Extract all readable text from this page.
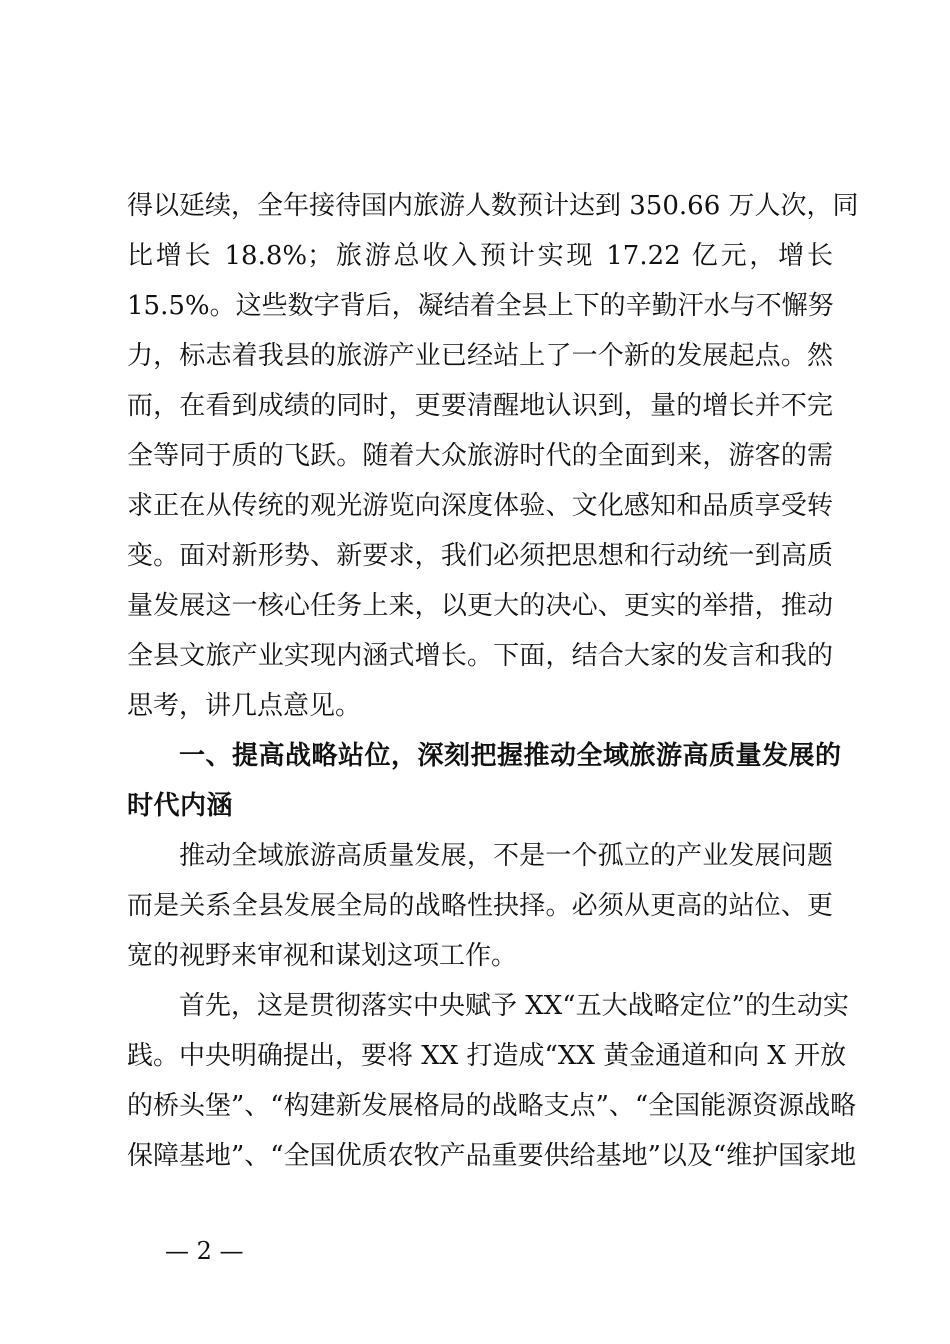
得以延续，全年接待国内旅游人数预计达到 350.66 万人次，同
比增长 18.8%；旅游总收入预计实现 17.22 亿元，增长
15.5%。这些数字背后，凝结着全县上下的辛勤汗水与不懈努
力，标志着我县的旅游产业已经站上了一个新的发展起点。然
而，在看到成绩的同时，更要清醒地认识到，量的增长并不完
全等同于质的飞跃。随着大众旅游时代的全面到来，游客的需
求正在从传统的观光游览向深度体验、文化感知和品质享受转
变。面对新形势、新要求，我们必须把思想和行动统一到高质
量发展这一核心任务上来，以更大的决心、更实的举措，推动
全县文旅产业实现内涵式增长。下面，结合大家的发言和我的
思考，讲几点意见。
一、提高战略站位，深刻把握推动全域旅游高质量发展的
时代内涵
推动全域旅游高质量发展，不是一个孤立的产业发展问题
而是关系全县发展全局的战略性抉择。必须从更高的站位、更
宽的视野来审视和谋划这项工作。
首先，这是贯彻落实中央赋予 XX“五大战略定位”的生动实
践。中央明确提出，要将 XX 打造成“XX 黄金通道和向 X 开放
的桥头堡”、“构建新发展格局的战略支点”、“全国能源资源战略
保障基地”、“全国优质农牧产品重要供给基地”以及“维护国家地
— 2 —
